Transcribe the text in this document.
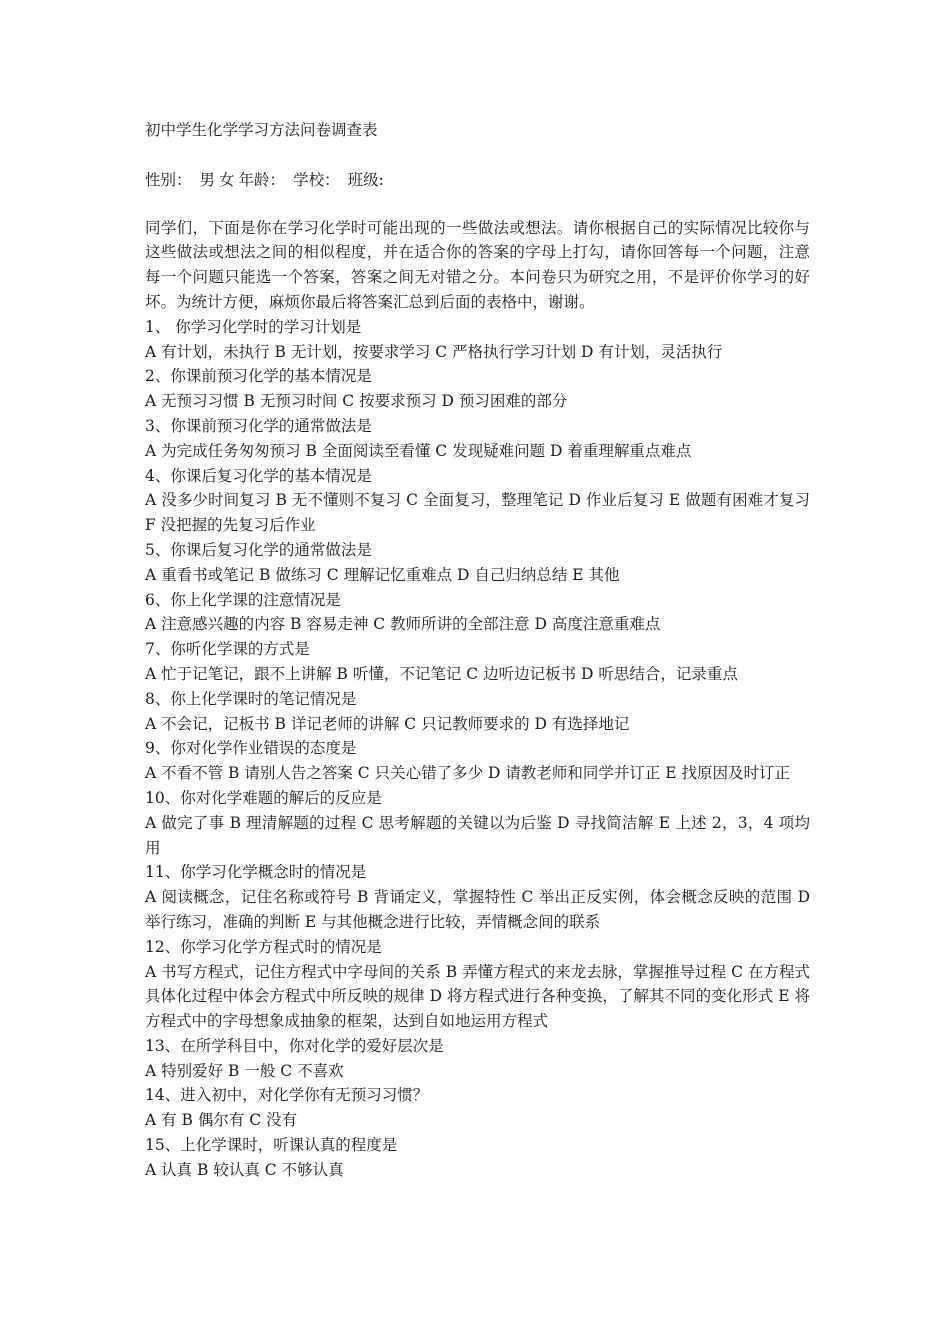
初中学生化学学习方法问卷调查表

性别： 男 女 年龄： 学校： 班级:

同学们，下面是你在学习化学时可能出现的一些做法或想法。请你根据自己的实际情况比较你与这些做法或想法之间的相似程度，并在适合你的答案的字母上打勾，请你回答每一个问题，注意每一个问题只能选一个答案，答案之间无对错之分。本问卷只为研究之用，不是评价你学习的好坏。为统计方便，麻烦你最后将答案汇总到后面的表格中，谢谢。

1、 你学习化学时的学习计划是

A 有计划，未执行 B 无计划，按要求学习 C 严格执行学习计划 D 有计划，灵活执行

2、你课前预习化学的基本情况是

A 无预习习惯 B 无预习时间 C 按要求预习 D 预习困难的部分

3、你课前预习化学的通常做法是

A 为完成任务匆匆预习 B 全面阅读至看懂 C 发现疑难问题 D 着重理解重点难点

4、你课后复习化学的基本情况是

A 没多少时间复习 B 无不懂则不复习 C 全面复习，整理笔记 D 作业后复习 E 做题有困难才复习 F 没把握的先复习后作业

5、你课后复习化学的通常做法是

A 重看书或笔记 B 做练习 C 理解记忆重难点 D 自己归纳总结 E 其他

6、你上化学课的注意情况是

A 注意感兴趣的内容 B 容易走神 C 教师所讲的全部注意 D 高度注意重难点

7、你听化学课的方式是

A 忙于记笔记，跟不上讲解 B 听懂，不记笔记 C 边听边记板书 D 听思结合，记录重点

8、你上化学课时的笔记情况是

A 不会记，记板书 B 详记老师的讲解 C 只记教师要求的 D 有选择地记

9、你对化学作业错误的态度是

A 不看不管 B 请别人告之答案 C 只关心错了多少 D 请教老师和同学并订正 E 找原因及时订正

10、你对化学难题的解后的反应是

A 做完了事 B 理清解题的过程 C 思考解题的关键以为后鉴 D 寻找简洁解 E 上述 2，3，4 项均用

11、你学习化学概念时的情况是

A 阅读概念，记住名称或符号 B 背诵定义，掌握特性 C 举出正反实例，体会概念反映的范围 D 举行练习，准确的判断 E 与其他概念进行比较，弄情概念间的联系

12、你学习化学方程式时的情况是

A 书写方程式，记住方程式中字母间的关系 B 弄懂方程式的来龙去脉，掌握推导过程 C 在方程式具体化过程中体会方程式中所反映的规律 D 将方程式进行各种变换，了解其不同的变化形式 E 将方程式中的字母想象成抽象的框架，达到自如地运用方程式

13、在所学科目中，你对化学的爱好层次是

A 特别爱好 B 一般 C 不喜欢

14、进入初中，对化学你有无预习习惯？

A 有 B 偶尔有 C 没有

15、上化学课时，听课认真的程度是

A 认真 B 较认真 C 不够认真
